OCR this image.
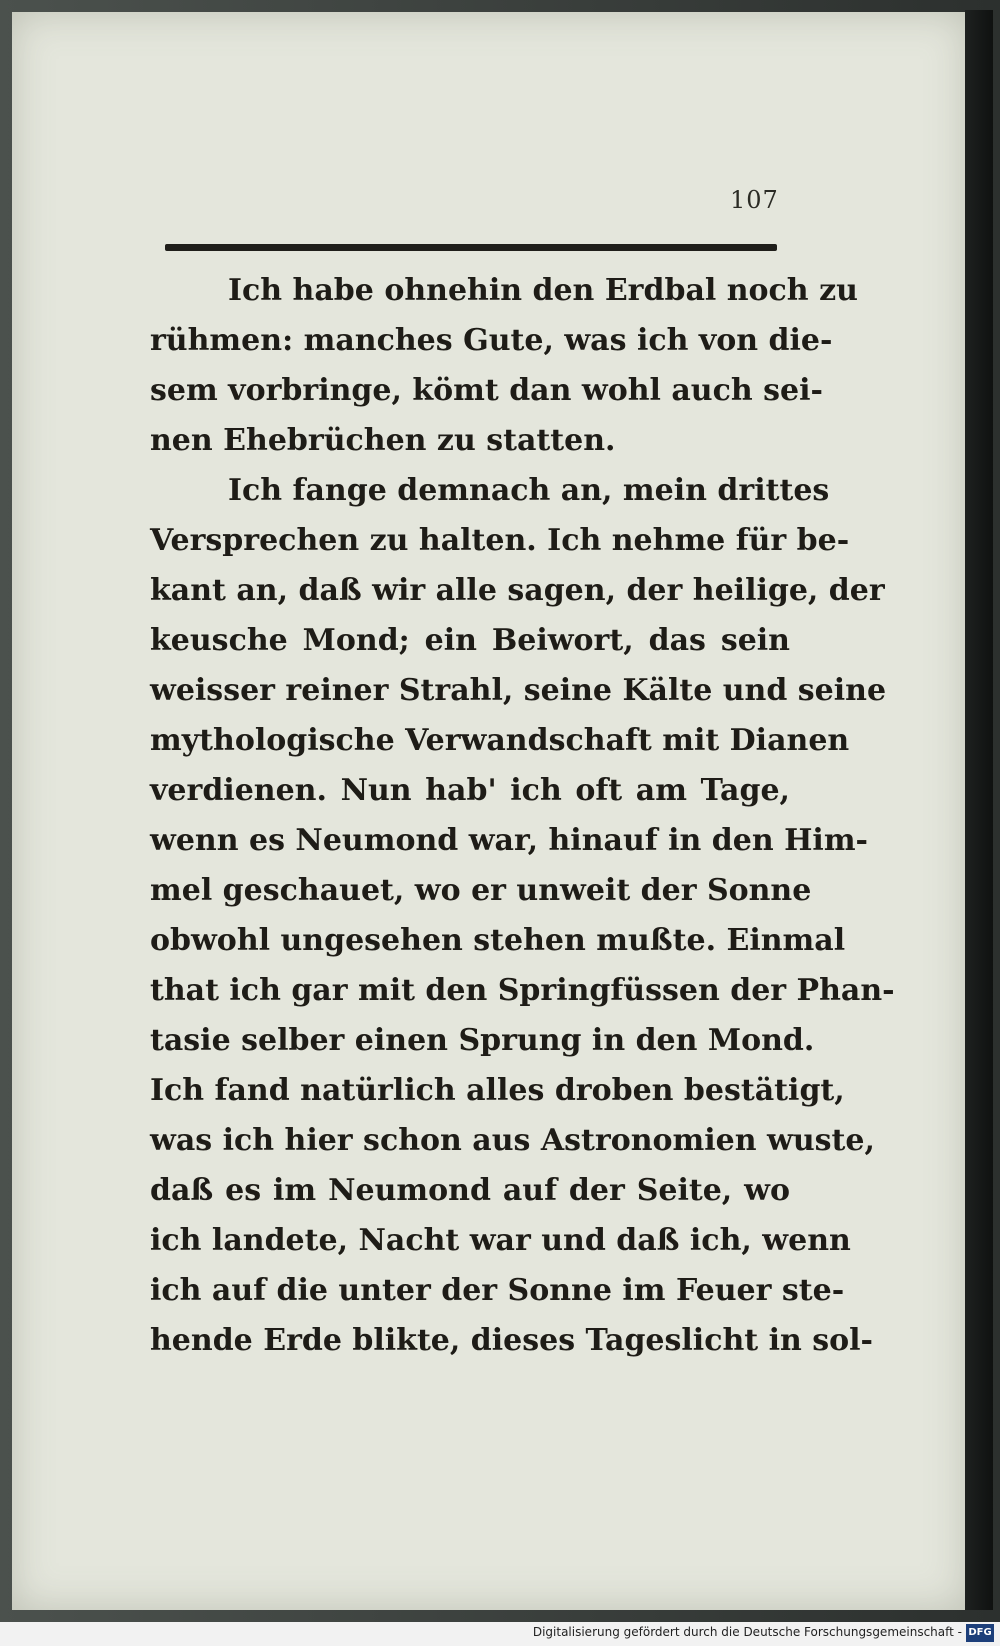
107
Ich habe ohnehin den Erdbal noch zu
rühmen: manches Gute, was ich von die-
sem vorbringe, kömt dan wohl auch sei-
nen Ehebrüchen zu statten.
Ich fange demnach an, mein drittes
Versprechen zu halten. Ich nehme für be-
kant an, daß wir alle sagen, der heilige, der
keusche Mond; ein Beiwort, das sein
weisser reiner Strahl, seine Kälte und seine
mythologische Verwandschaft mit Dianen
verdienen. Nun hab' ich oft am Tage,
wenn es Neumond war, hinauf in den Him-
mel geschauet, wo er unweit der Sonne
obwohl ungesehen stehen mußte. Einmal
that ich gar mit den Springfüssen der Phan-
tasie selber einen Sprung in den Mond.
Ich fand natürlich alles droben bestätigt,
was ich hier schon aus Astronomien wuste,
daß es im Neumond auf der Seite, wo
ich landete, Nacht war und daß ich, wenn
ich auf die unter der Sonne im Feuer ste-
hende Erde blikte, dieses Tageslicht in sol-
Digitalisierung gefördert durch die Deutsche Forschungsgemeinschaft - DFG
